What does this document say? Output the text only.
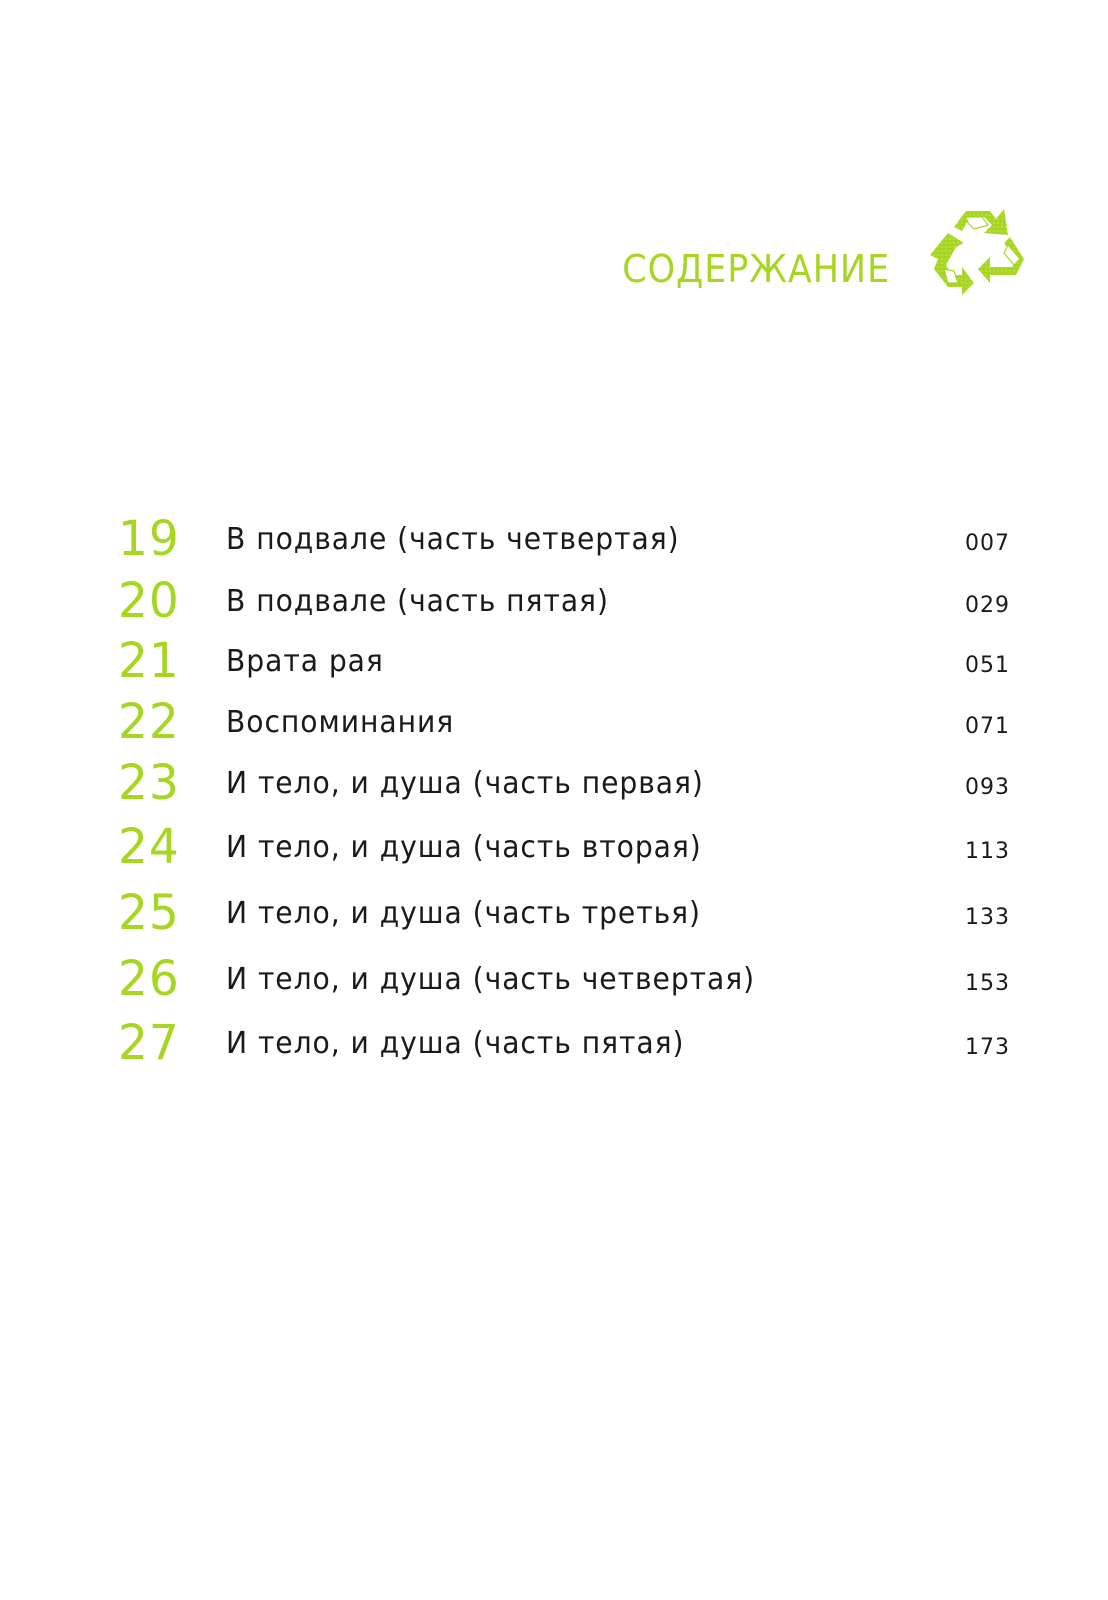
СОДЕРЖАНИЕ
19	В подвале (часть четвертая)	007
20	В подвале (часть пятая)	029
21	Врата рая	051
22	Воспоминания	071
23	И тело, и душа (часть первая)	093
24	И тело, и душа (часть вторая)	113
25	И тело, и душа (часть третья)	133
26	И тело, и душа (часть четвертая)	153
27	И тело, и душа (часть пятая)	173
